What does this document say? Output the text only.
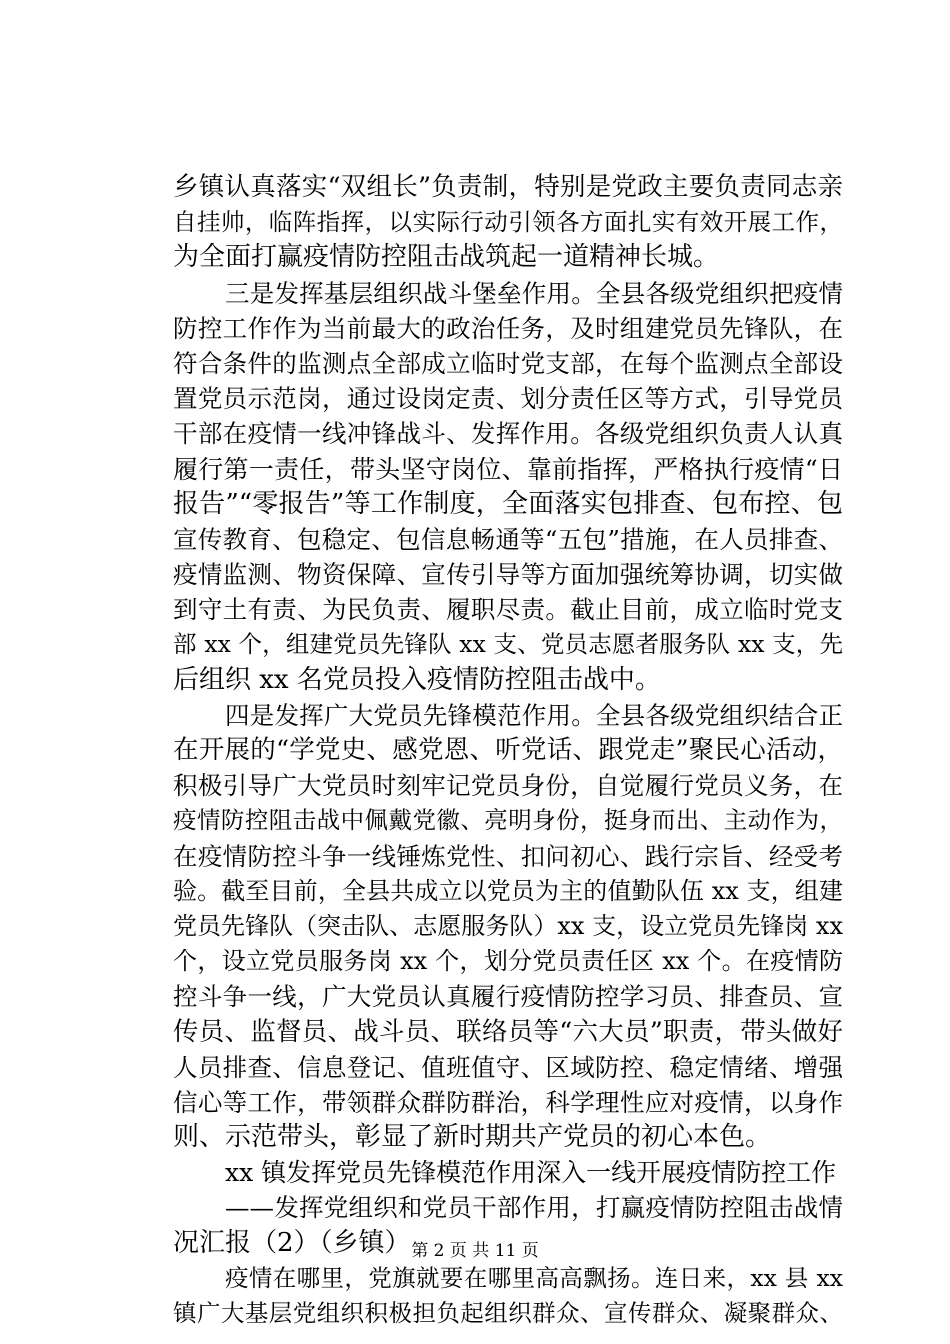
乡镇认真落实“双组长”负责制，特别是党政主要负责同志亲
自挂帅，临阵指挥，以实际行动引领各方面扎实有效开展工作，
为全面打赢疫情防控阻击战筑起一道精神长城。
三是发挥基层组织战斗堡垒作用。全县各级党组织把疫情
防控工作作为当前最大的政治任务，及时组建党员先锋队，在
符合条件的监测点全部成立临时党支部，在每个监测点全部设
置党员示范岗，通过设岗定责、划分责任区等方式，引导党员
干部在疫情一线冲锋战斗、发挥作用。各级党组织负责人认真
履行第一责任，带头坚守岗位、靠前指挥，严格执行疫情“日
报告”“零报告”等工作制度，全面落实包排查、包布控、包
宣传教育、包稳定、包信息畅通等“五包”措施，在人员排查、
疫情监测、物资保障、宣传引导等方面加强统筹协调，切实做
到守土有责、为民负责、履职尽责。截止目前，成立临时党支
部 xx 个，组建党员先锋队 xx 支、党员志愿者服务队 xx 支，先
后组织 xx 名党员投入疫情防控阻击战中。
四是发挥广大党员先锋模范作用。全县各级党组织结合正
在开展的“学党史、感党恩、听党话、跟党走”聚民心活动，
积极引导广大党员时刻牢记党员身份，自觉履行党员义务，在
疫情防控阻击战中佩戴党徽、亮明身份，挺身而出、主动作为，
在疫情防控斗争一线锤炼党性、扣问初心、践行宗旨、经受考
验。截至目前，全县共成立以党员为主的值勤队伍 xx 支，组建
党员先锋队（突击队、志愿服务队）xx 支，设立党员先锋岗 xx
个，设立党员服务岗 xx 个，划分党员责任区 xx 个。在疫情防
控斗争一线，广大党员认真履行疫情防控学习员、排查员、宣
传员、监督员、战斗员、联络员等“六大员”职责，带头做好
人员排查、信息登记、值班值守、区域防控、稳定情绪、增强
信心等工作，带领群众群防群治，科学理性应对疫情，以身作
则、示范带头，彰显了新时期共产党员的初心本色。
xx 镇发挥党员先锋模范作用深入一线开展疫情防控工作
——发挥党组织和党员干部作用，打赢疫情防控阻击战情
况汇报（2）（乡镇）
疫情在哪里，党旗就要在哪里高高飘扬。连日来，xx 县 xx
镇广大基层党组织积极担负起组织群众、宣传群众、凝聚群众、
第 2 页 共 11 页
